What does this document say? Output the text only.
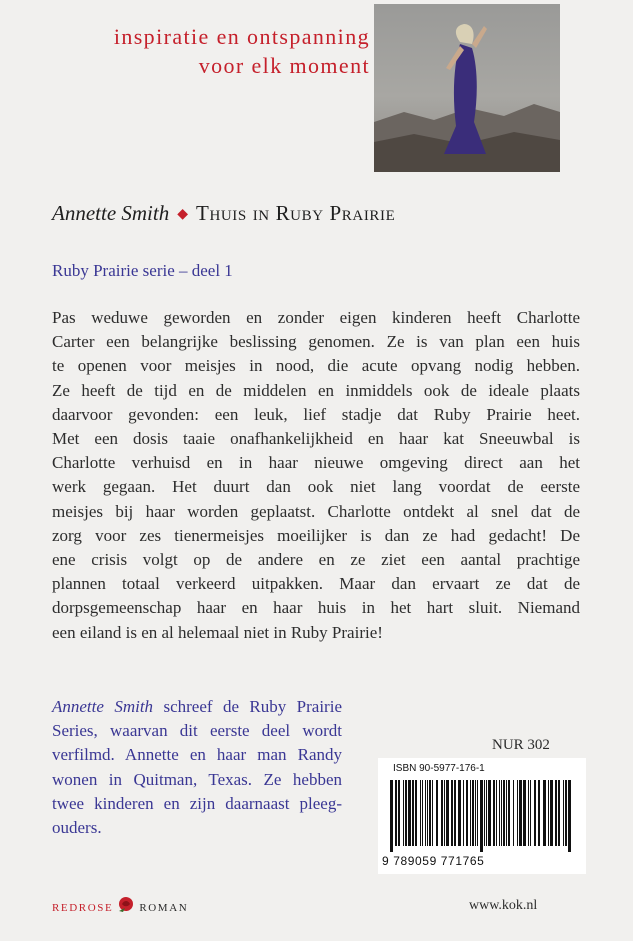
inspiratie en ontspanning
voor elk moment
Annette Smith ◆ Thuis in Ruby Prairie
Ruby Prairie serie – deel 1
Pas weduwe geworden en zonder eigen kinderen heeft Charlotte
Carter een belangrijke beslissing genomen. Ze is van plan een huis
te openen voor meisjes in nood, die acute opvang nodig hebben.
Ze heeft de tijd en de middelen en inmiddels ook de ideale plaats
daarvoor gevonden: een leuk, lief stadje dat Ruby Prairie heet.
Met een dosis taaie onafhankelijkheid en haar kat Sneeuwbal is
Charlotte verhuisd en in haar nieuwe omgeving direct aan het
werk gegaan. Het duurt dan ook niet lang voordat de eerste
meisjes bij haar worden geplaatst. Charlotte ontdekt al snel dat de
zorg voor zes tienermeisjes moeilijker is dan ze had gedacht! De
ene crisis volgt op de andere en ze ziet een aantal prachtige
plannen totaal verkeerd uitpakken. Maar dan ervaart ze dat de
dorpsgemeenschap haar en haar huis in het hart sluit. Niemand
een eiland is en al helemaal niet in Ruby Prairie!
Annette Smith schreef de Ruby Prairie
Series, waarvan dit eerste deel wordt
verfilmd. Annette en haar man Randy
wonen in Quitman, Texas. Ze hebben
twee kinderen en zijn daarnaast pleeg-
ouders.
NUR 302
ISBN 90-5977-176-1
9 789059 771765
redrose roman	www.kok.nl
